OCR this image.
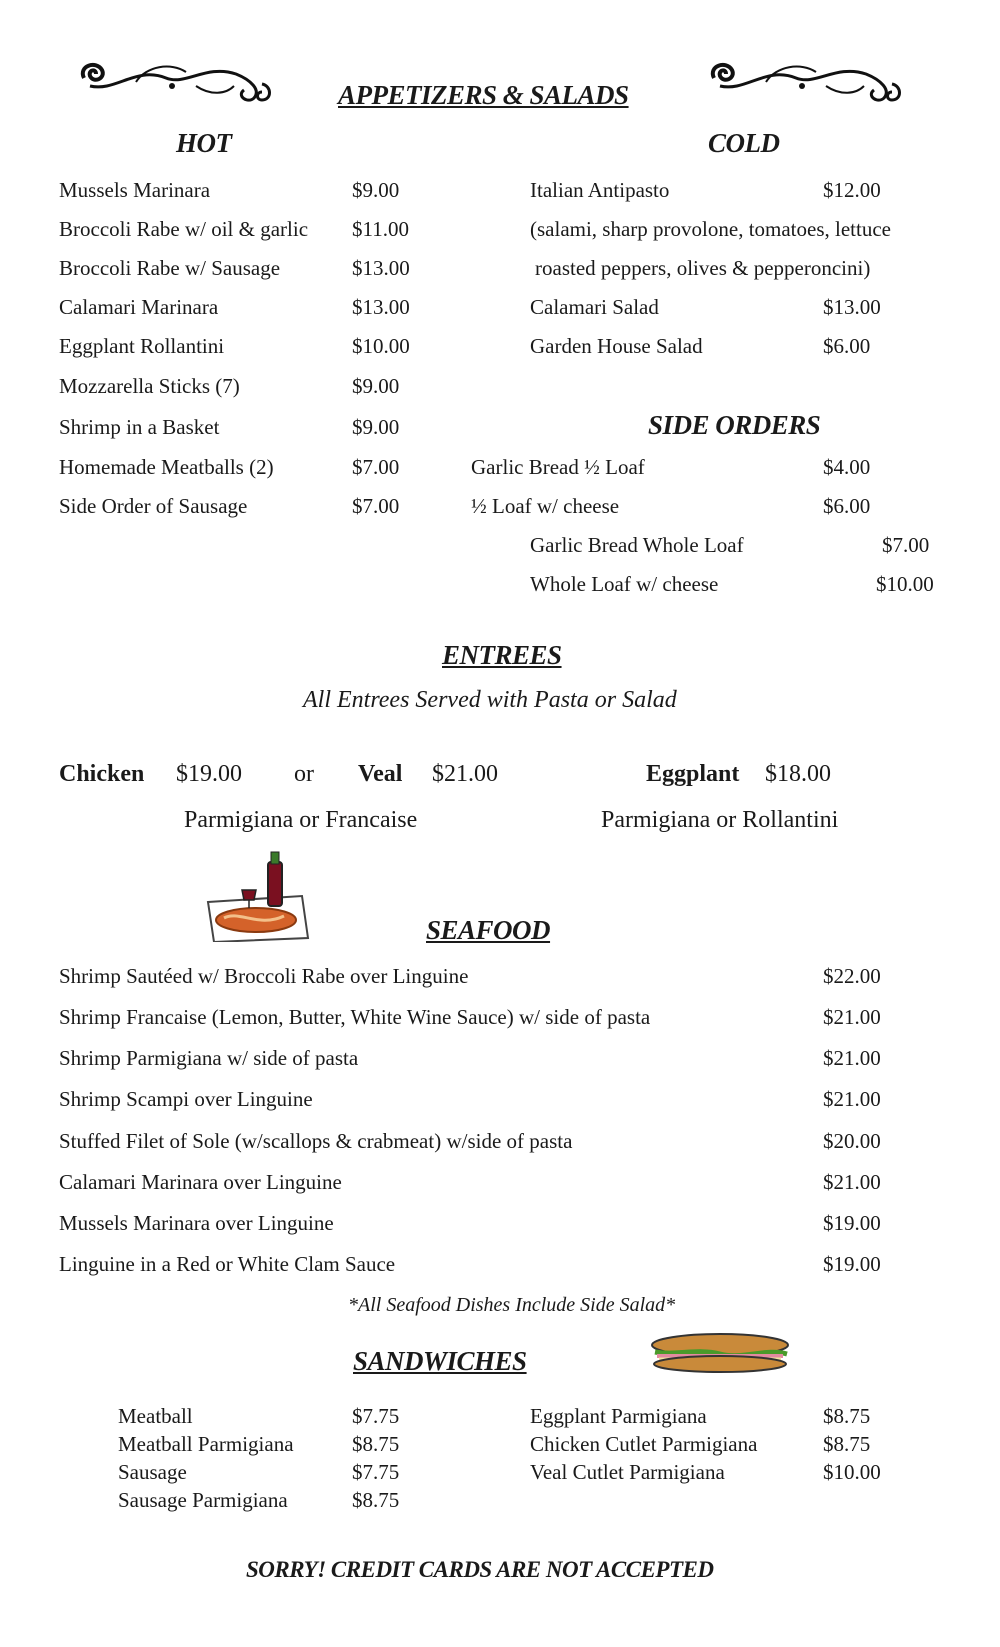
APPETIZERS & SALADS
HOT	COLD
Mussels Marinara	$9.00
Broccoli Rabe w/ oil & garlic $11.00
Broccoli Rabe w/ Sausage	$13.00
Calamari Marinara	$13.00
Eggplant Rollantini	$10.00
Mozzarella Sticks (7)	$9.00
Shrimp in a Basket	$9.00
Homemade Meatballs (2)	$7.00
Side Order of Sausage	$7.00
Italian Antipasto	$12.00
(salami, sharp provolone, tomatoes, lettuce
roasted peppers, olives & pepperoncini)
Calamari Salad	$13.00
Garden House Salad	$6.00
SIDE ORDERS
Garlic Bread ½ Loaf	$4.00
½ Loaf w/ cheese	$6.00
Garlic Bread Whole Loaf	$7.00
Whole Loaf w/ cheese	$10.00
ENTREES
All Entrees Served with Pasta or Salad
Chicken $19.00 or Veal $21.00	Eggplant $18.00
Parmigiana or Francaise	Parmigiana or Rollantini
SEAFOOD
Shrimp Sautéed w/ Broccoli Rabe over Linguine	$22.00
Shrimp Francaise (Lemon, Butter, White Wine Sauce) w/ side of pasta	$21.00
Shrimp Parmigiana w/ side of pasta	$21.00
Shrimp Scampi over Linguine	$21.00
Stuffed Filet of Sole (w/scallops & crabmeat) w/side of pasta	$20.00
Calamari Marinara over Linguine	$21.00
Mussels Marinara over Linguine	$19.00
Linguine in a Red or White Clam Sauce	$19.00
*All Seafood Dishes Include Side Salad*
SANDWICHES
Meatball	$7.75
Meatball Parmigiana	$8.75
Sausage	$7.75
Sausage Parmigiana	$8.75
Eggplant Parmigiana	$8.75
Chicken Cutlet Parmigiana	$8.75
Veal Cutlet Parmigiana	$10.00
SORRY! CREDIT CARDS ARE NOT ACCEPTED
